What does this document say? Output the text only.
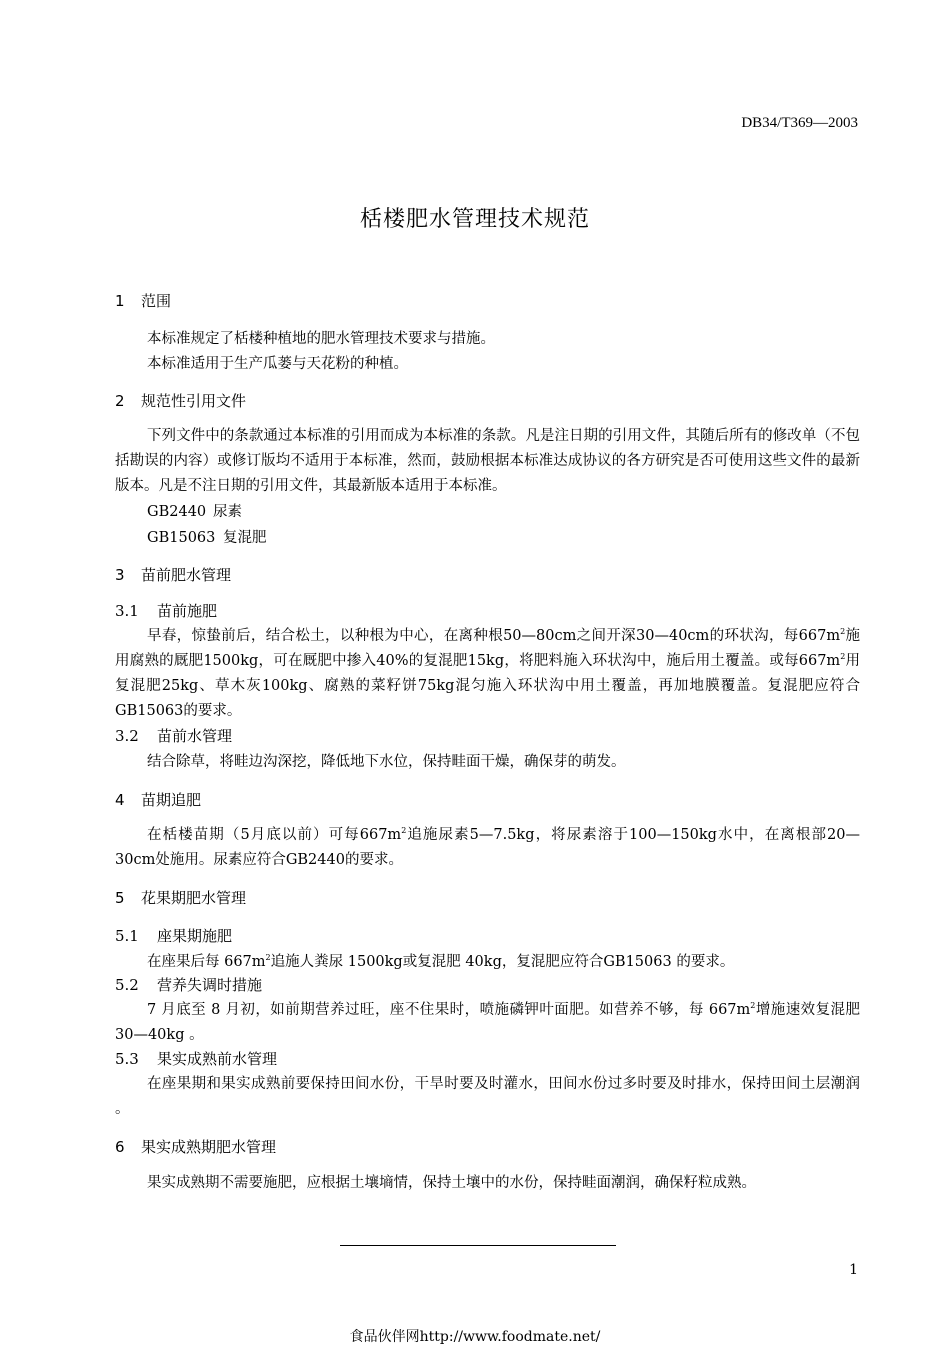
DB34/T369—2003
栝楼肥水管理技术规范
1 范围
本标准规定了栝楼种植地的肥水管理技术要求与措施。
本标准适用于生产瓜蒌与天花粉的种植。
2 规范性引用文件
下列文件中的条款通过本标准的引用而成为本标准的条款。凡是注日期的引用文件，其随后所有的修改单（不包括勘误的内容）或修订版均不适用于本标准，然而，鼓励根据本标准达成协议的各方研究是否可使用这些文件的最新版本。凡是不注日期的引用文件，其最新版本适用于本标准。
GB2440 尿素
GB15063 复混肥
3 苗前肥水管理
3.1 苗前施肥
早春，惊蛰前后，结合松土，以种根为中心，在离种根50—80cm之间开深30—40cm的环状沟，每$667m^2$施用腐熟的厩肥1500kg，可在厩肥中掺入40%的复混肥15kg，将肥料施入环状沟中，施后用土覆盖。或每$667m^2$用复混肥25kg、草木灰100kg、腐熟的菜籽饼75kg混匀施入环状沟中用土覆盖，再加地膜覆盖。复混肥应符合GB15063的要求。
3.2 苗前水管理
结合除草，将畦边沟深挖，降低地下水位，保持畦面干燥，确保芽的萌发。
4 苗期追肥
在栝楼苗期（5月底以前）可每$667m^2$追施尿素5—7.5kg，将尿素溶于100—150kg水中，在离根部20—30cm处施用。尿素应符合GB2440的要求。
5 花果期肥水管理
5.1 座果期施肥
在座果后每 $667m^2$追施人粪尿 1500kg或复混肥 40kg，复混肥应符合GB15063 的要求。
5.2 营养失调时措施
7 月底至 8 月初，如前期营养过旺，座不住果时，喷施磷钾叶面肥。如营养不够，每 $667m^2$增施速效复混肥 30—40kg 。
5.3 果实成熟前水管理
在座果期和果实成熟前要保持田间水份，干旱时要及时灌水，田间水份过多时要及时排水，保持田间土层潮润 。
6 果实成熟期肥水管理
果实成熟期不需要施肥，应根据土壤墒情，保持土壤中的水份，保持畦面潮润，确保籽粒成熟。
1
食品伙伴网http://www.foodmate.net/
